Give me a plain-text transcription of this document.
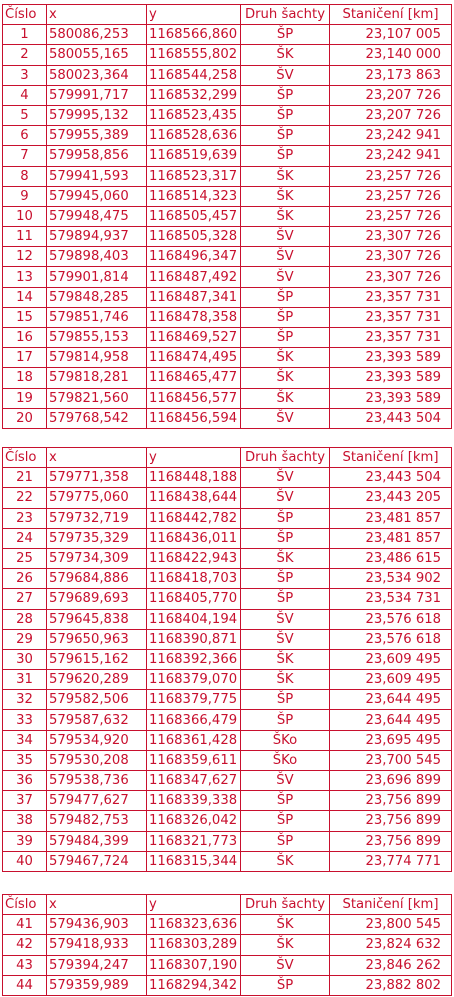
Číslo	x	y	Druh šachty	Staničení [km]
1	580086,253	1168566,860	ŠP	23,107 005
2	580055,165	1168555,802	ŠK	23,140 000
3	580023,364	1168544,258	ŠV	23,173 863
4	579991,717	1168532,299	ŠP	23,207 726
5	579995,132	1168523,435	ŠP	23,207 726
6	579955,389	1168528,636	ŠP	23,242 941
7	579958,856	1168519,639	ŠP	23,242 941
8	579941,593	1168523,317	ŠK	23,257 726
9	579945,060	1168514,323	ŠK	23,257 726
10	579948,475	1168505,457	ŠK	23,257 726
11	579894,937	1168505,328	ŠV	23,307 726
12	579898,403	1168496,347	ŠV	23,307 726
13	579901,814	1168487,492	ŠV	23,307 726
14	579848,285	1168487,341	ŠP	23,357 731
15	579851,746	1168478,358	ŠP	23,357 731
16	579855,153	1168469,527	ŠP	23,357 731
17	579814,958	1168474,495	ŠK	23,393 589
18	579818,281	1168465,477	ŠK	23,393 589
19	579821,560	1168456,577	ŠK	23,393 589
20	579768,542	1168456,594	ŠV	23,443 504
Číslo	x	y	Druh šachty	Staničení [km]
21	579771,358	1168448,188	ŠV	23,443 504
22	579775,060	1168438,644	ŠV	23,443 205
23	579732,719	1168442,782	ŠP	23,481 857
24	579735,329	1168436,011	ŠP	23,481 857
25	579734,309	1168422,943	ŠK	23,486 615
26	579684,886	1168418,703	ŠP	23,534 902
27	579689,693	1168405,770	ŠP	23,534 731
28	579645,838	1168404,194	ŠV	23,576 618
29	579650,963	1168390,871	ŠV	23,576 618
30	579615,162	1168392,366	ŠK	23,609 495
31	579620,289	1168379,070	ŠK	23,609 495
32	579582,506	1168379,775	ŠP	23,644 495
33	579587,632	1168366,479	ŠP	23,644 495
34	579534,920	1168361,428	ŠKo	23,695 495
35	579530,208	1168359,611	ŠKo	23,700 545
36	579538,736	1168347,627	ŠV	23,696 899
37	579477,627	1168339,338	ŠP	23,756 899
38	579482,753	1168326,042	ŠP	23,756 899
39	579484,399	1168321,773	ŠP	23,756 899
40	579467,724	1168315,344	ŠK	23,774 771
Číslo	x	y	Druh šachty	Staničení [km]
41	579436,903	1168323,636	ŠK	23,800 545
42	579418,933	1168303,289	ŠK	23,824 632
43	579394,247	1168307,190	ŠV	23,846 262
44	579359,989	1168294,342	ŠP	23,882 802
